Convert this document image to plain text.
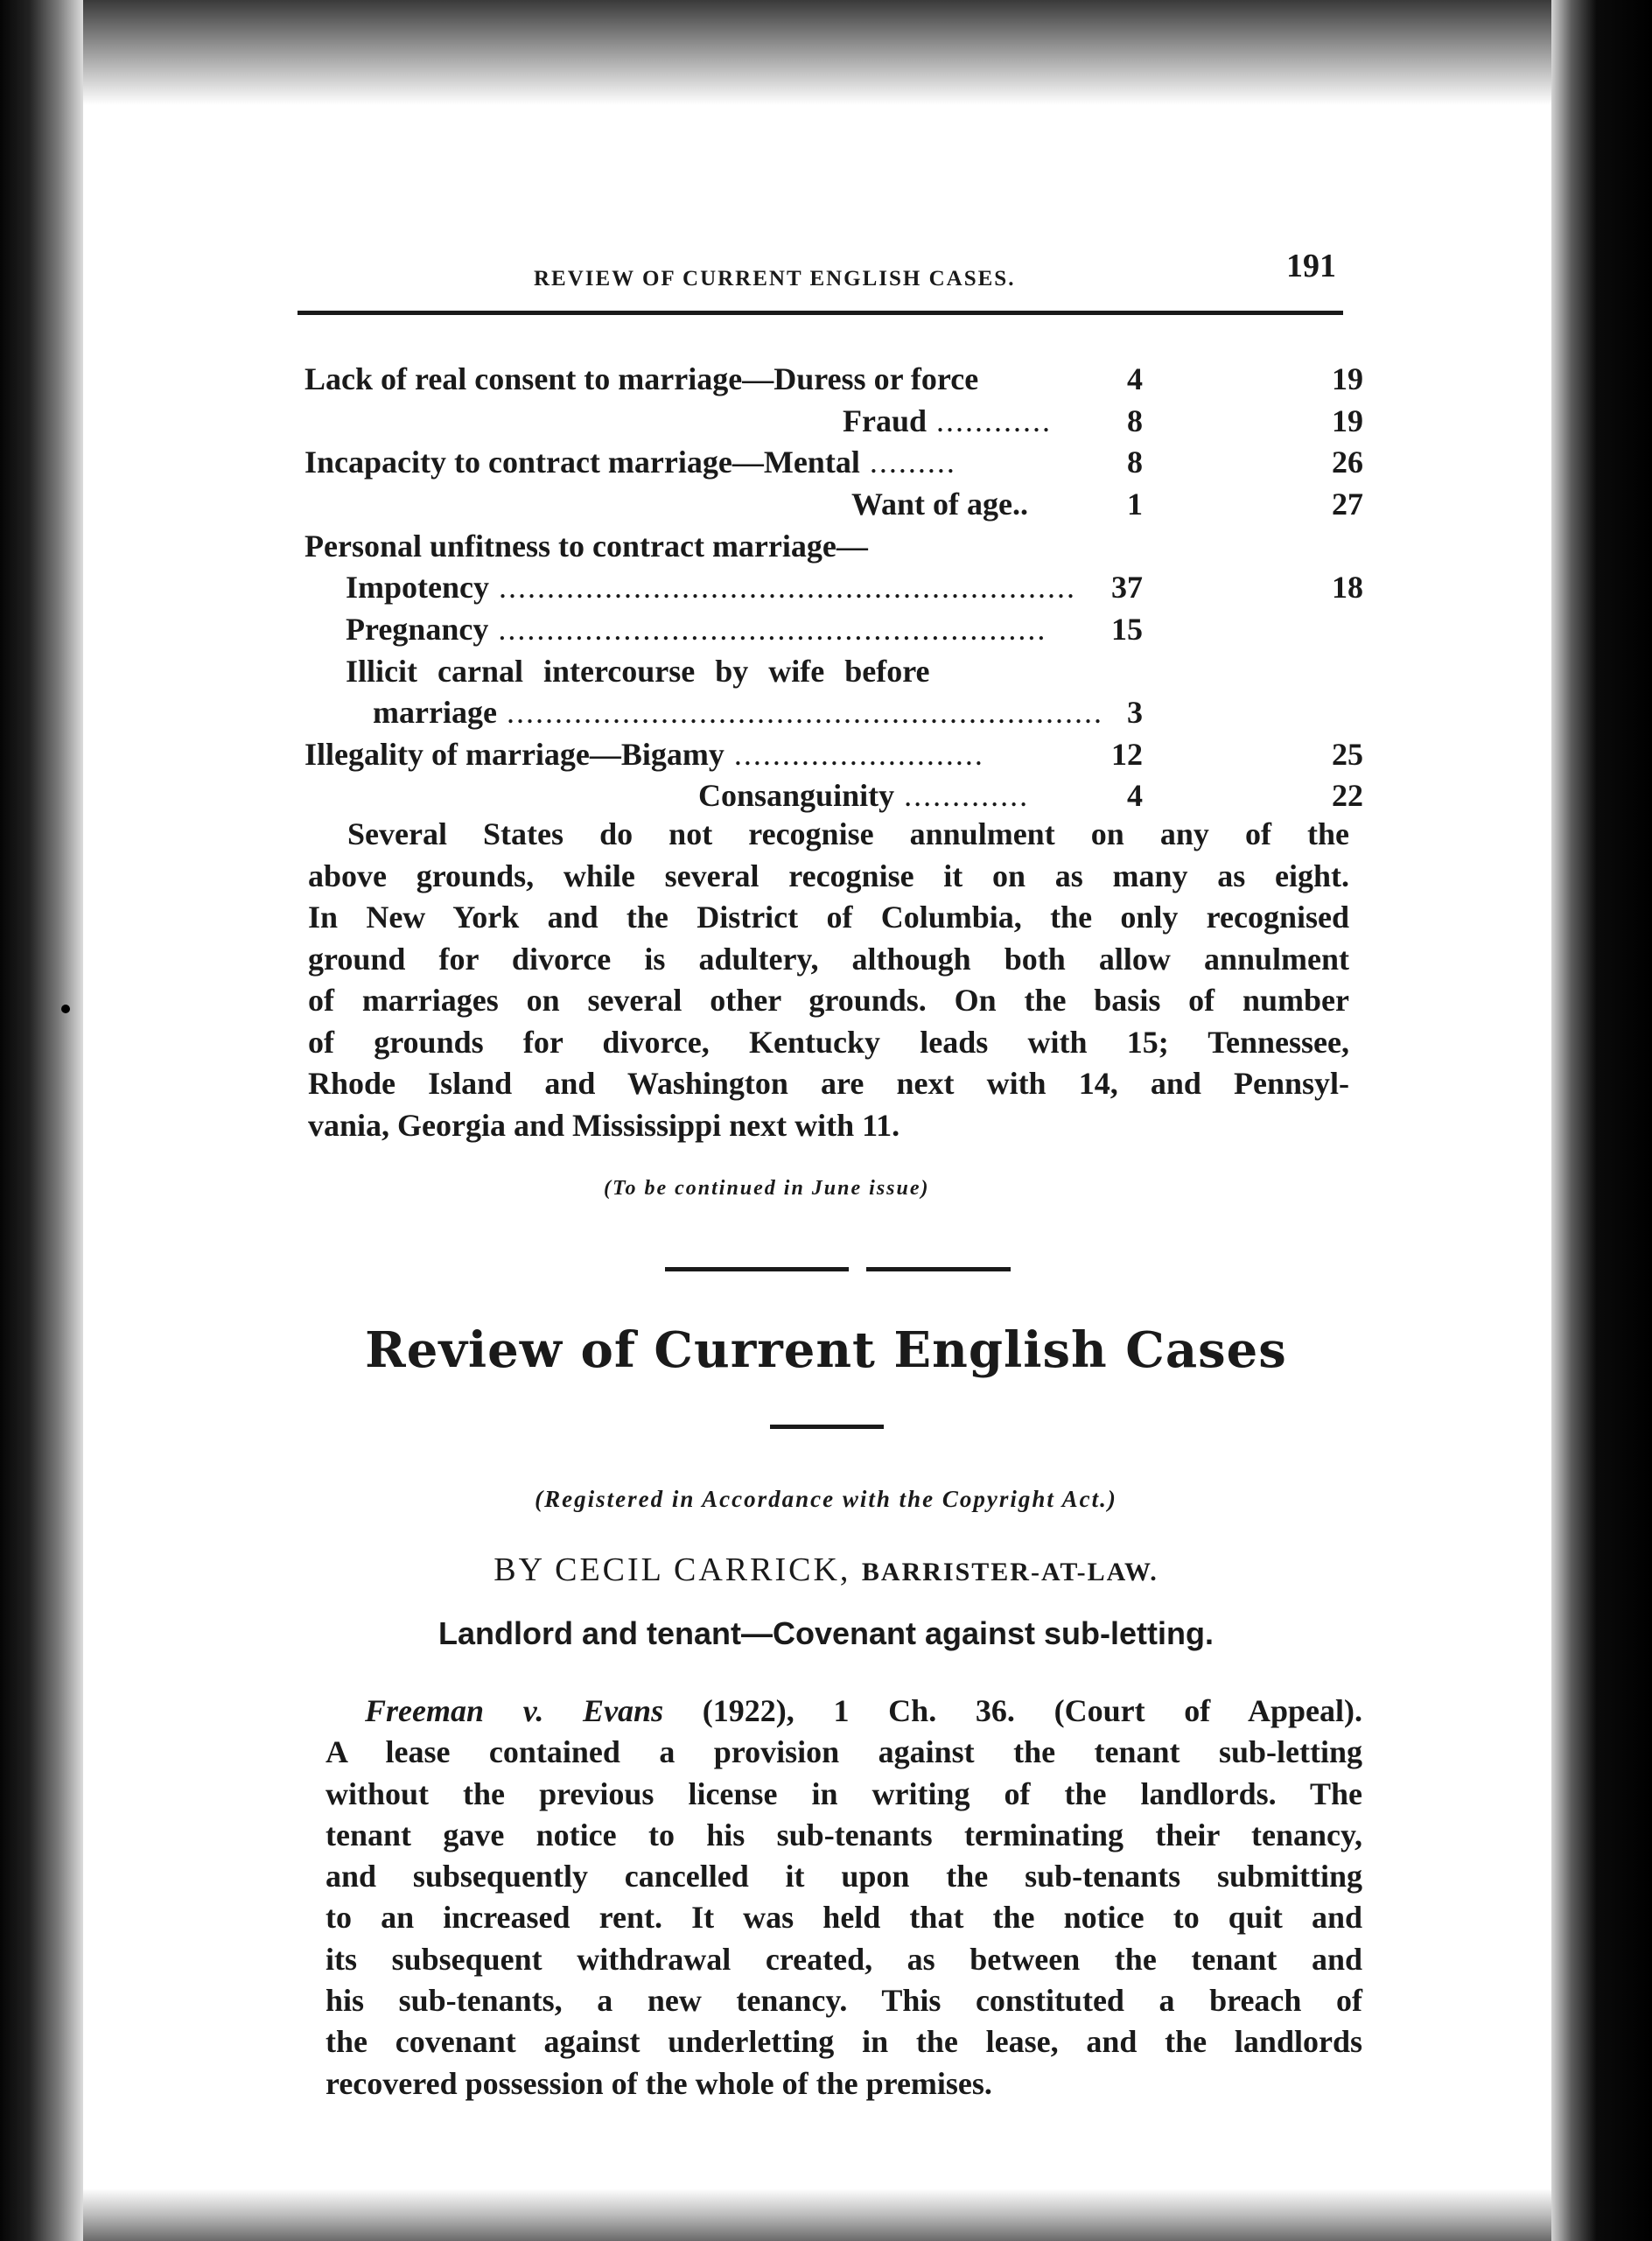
REVIEW OF CURRENT ENGLISH CASES.	191
Lack of real consent to marriage—Duress or force	4	19
Fraud ............	8	19
Incapacity to contract marriage—Mental .........	8	26
Want of age..	1	27
Personal unfitness to contract marriage—
Impotency ............................................................	37	18
Pregnancy .........................................................	15
Illicit carnal intercourse by wife before
marriage .............................................................. 3
Illegality of marriage—Bigamy ..........................	12	25
Consanguinity .............	4	22
Several States do not recognise annulment on any of the
above grounds, while several recognise it on as many as eight.
In New York and the District of Columbia, the only recognised
ground for divorce is adultery, although both allow annulment
of marriages on several other grounds. On the basis of number
of grounds for divorce, Kentucky leads with 15; Tennessee,
Rhode Island and Washington are next with 14, and Pennsyl-
vania, Georgia and Mississippi next with 11.
(To be continued in June issue)
Review of Current English Cases
(Registered in Accordance with the Copyright Act.)
BY CECIL CARRICK, BARRISTER-AT-LAW.
Landlord and tenant—Covenant against sub-letting.
Freeman v. Evans (1922), 1 Ch. 36. (Court of Appeal).
A lease contained a provision against the tenant sub-letting
without the previous license in writing of the landlords. The
tenant gave notice to his sub-tenants terminating their tenancy,
and subsequently cancelled it upon the sub-tenants submitting
to an increased rent. It was held that the notice to quit and
its subsequent withdrawal created, as between the tenant and
his sub-tenants, a new tenancy. This constituted a breach of
the covenant against underletting in the lease, and the landlords
recovered possession of the whole of the premises.
